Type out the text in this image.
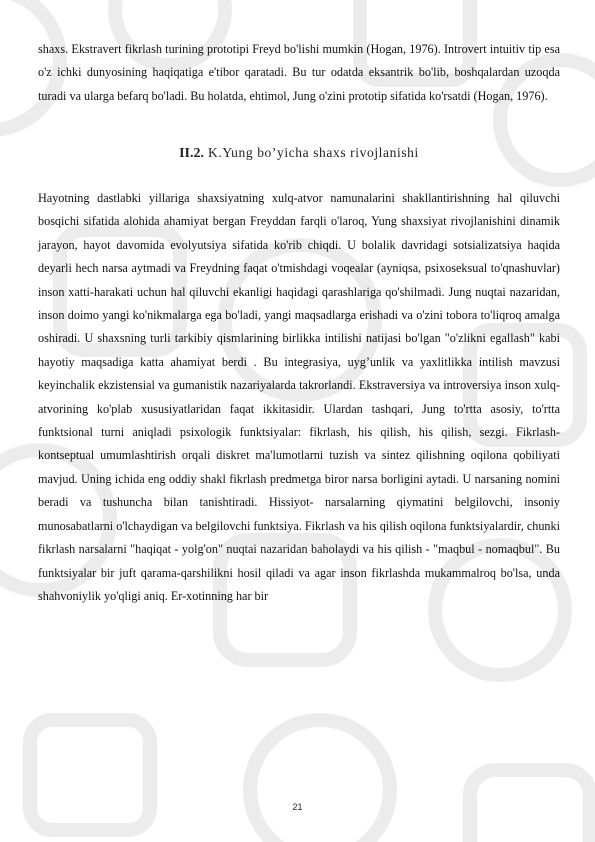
shaxs. Ekstravert fikrlash turining prototipi Freyd bo'lishi mumkin (Hogan, 1976). Introvert intuitiv tip esa o'z ichki dunyosining haqiqatiga e'tibor qaratadi. Bu tur odatda eksantrik bo'lib, boshqalardan uzoqda turadi va ularga befarq bo'ladi. Bu holatda, ehtimol, Jung o'zini prototip sifatida ko'rsatdi (Hogan, 1976).
II.2. K.Yung bo’yicha shaxs rivojlanishi
Hayotning dastlabki yillariga shaxsiyatning xulq-atvor namunalarini shakllantirishning hal qiluvchi bosqichi sifatida alohida ahamiyat bergan Freyddan farqli o'laroq, Yung shaxsiyat rivojlanishini dinamik jarayon, hayot davomida evolyutsiya sifatida ko'rib chiqdi. U bolalik davridagi sotsializatsiya haqida deyarli hech narsa aytmadi va Freydning faqat o'tmishdagi voqealar (ayniqsa, psixoseksual to'qnashuvlar) inson xatti-harakati uchun hal qiluvchi ekanligi haqidagi qarashlariga qo'shilmadi. Jung nuqtai nazaridan, inson doimo yangi ko'nikmalarga ega bo'ladi, yangi maqsadlarga erishadi va o'zini tobora to'liqroq amalga oshiradi. U shaxsning turli tarkibiy qismlarining birlikka intilishi natijasi bo'lgan "o'zlikni egallash" kabi hayotiy maqsadiga katta ahamiyat berdi . Bu integrasiya, uyg’unlik va yaxlitlikka intilish mavzusi keyinchalik ekzistensial va gumanistik nazariyalarda takrorlandi. Ekstraversiya va introversiya inson xulq-atvorining ko'plab xususiyatlaridan faqat ikkitasidir. Ulardan tashqari, Jung to'rtta asosiy, to'rtta funktsional turni aniqladi psixologik funktsiyalar: fikrlash, his qilish, his qilish, sezgi. Fikrlash- kontseptual umumlashtirish orqali diskret ma'lumotlarni tuzish va sintez qilishning oqilona qobiliyati mavjud. Uning ichida eng oddiy shakl fikrlash predmetga biror narsa borligini aytadi. U narsaning nomini beradi va tushuncha bilan tanishtiradi. Hissiyot- narsalarning qiymatini belgilovchi, insoniy munosabatlarni o'lchaydigan va belgilovchi funktsiya. Fikrlash va his qilish oqilona funktsiyalardir, chunki fikrlash narsalarni "haqiqat - yolg'on" nuqtai nazaridan baholaydi va his qilish - "maqbul - nomaqbul". Bu funktsiyalar bir juft qarama-qarshilikni hosil qiladi va agar inson fikrlashda mukammalroq bo'lsa, unda shahvoniylik yo'qligi aniq. Er-xotinning har bir
21
